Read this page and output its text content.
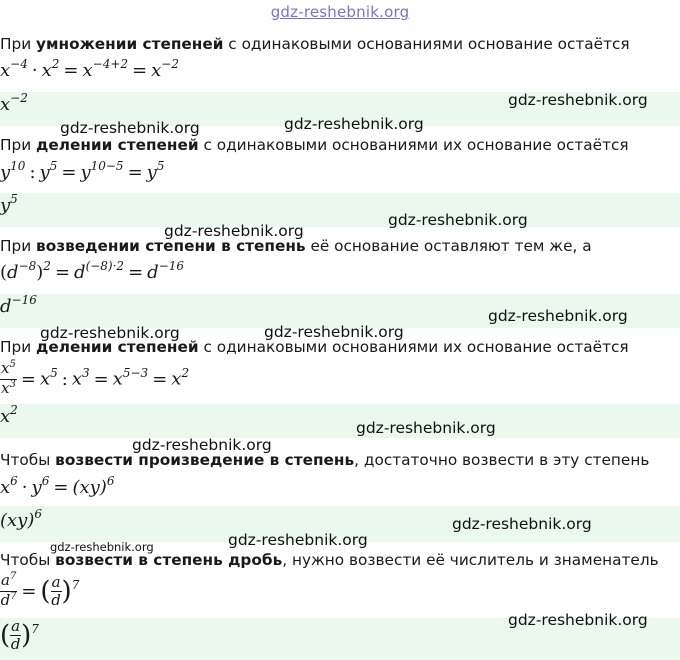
gdz-reshebnik.org
При умножении степеней с одинаковыми основаниями основание остаётся
$x^{-4} \cdot x^2 = x^{-4+2} = x^{-2}$
$x^{-2}$
При делении степеней с одинаковыми основаниями их основание остаётся
$y^{10}$ : $y^5 = y^{10-5} = y^5$
$y^5$
При возведении степени в степень её основание оставляют тем же, а
$(d^{-8})^2 = d^{(-8)\cdot 2} = d^{-16}$
$d^{-16}$
При делении степеней с одинаковыми основаниями их основание остаётся
$\frac{x^5}{x^3} = x^5$ : $x^3 = x^{5-3} = x^2$
$x^2$
Чтобы возвести произведение в степень, достаточно возвести в эту степень
$x^6 \cdot y^6 = (xy)^6$
(xy)$^6$
Чтобы возвести в степень дробь, нужно возвести её числитель и знаменатель
$\frac{a^7}{d^7}$ = ( $\frac{a}{d} )^7$
( $\frac{a}{d} )^7$
gdz-reshebnik.org
gdz-reshebnik.org	gdz-reshebnik.org
gdz-reshebnik.org
gdz-reshebnik.org
gdz-reshebnik.org	gdz-reshebnik.org
gdz-reshebnik.org
gdz-reshebnik.org
gdz-reshebnik.org
gdz-reshebnik.org
gdz-reshebnik.org
gdz-reshebnik.org
gdz-reshebnik.org
